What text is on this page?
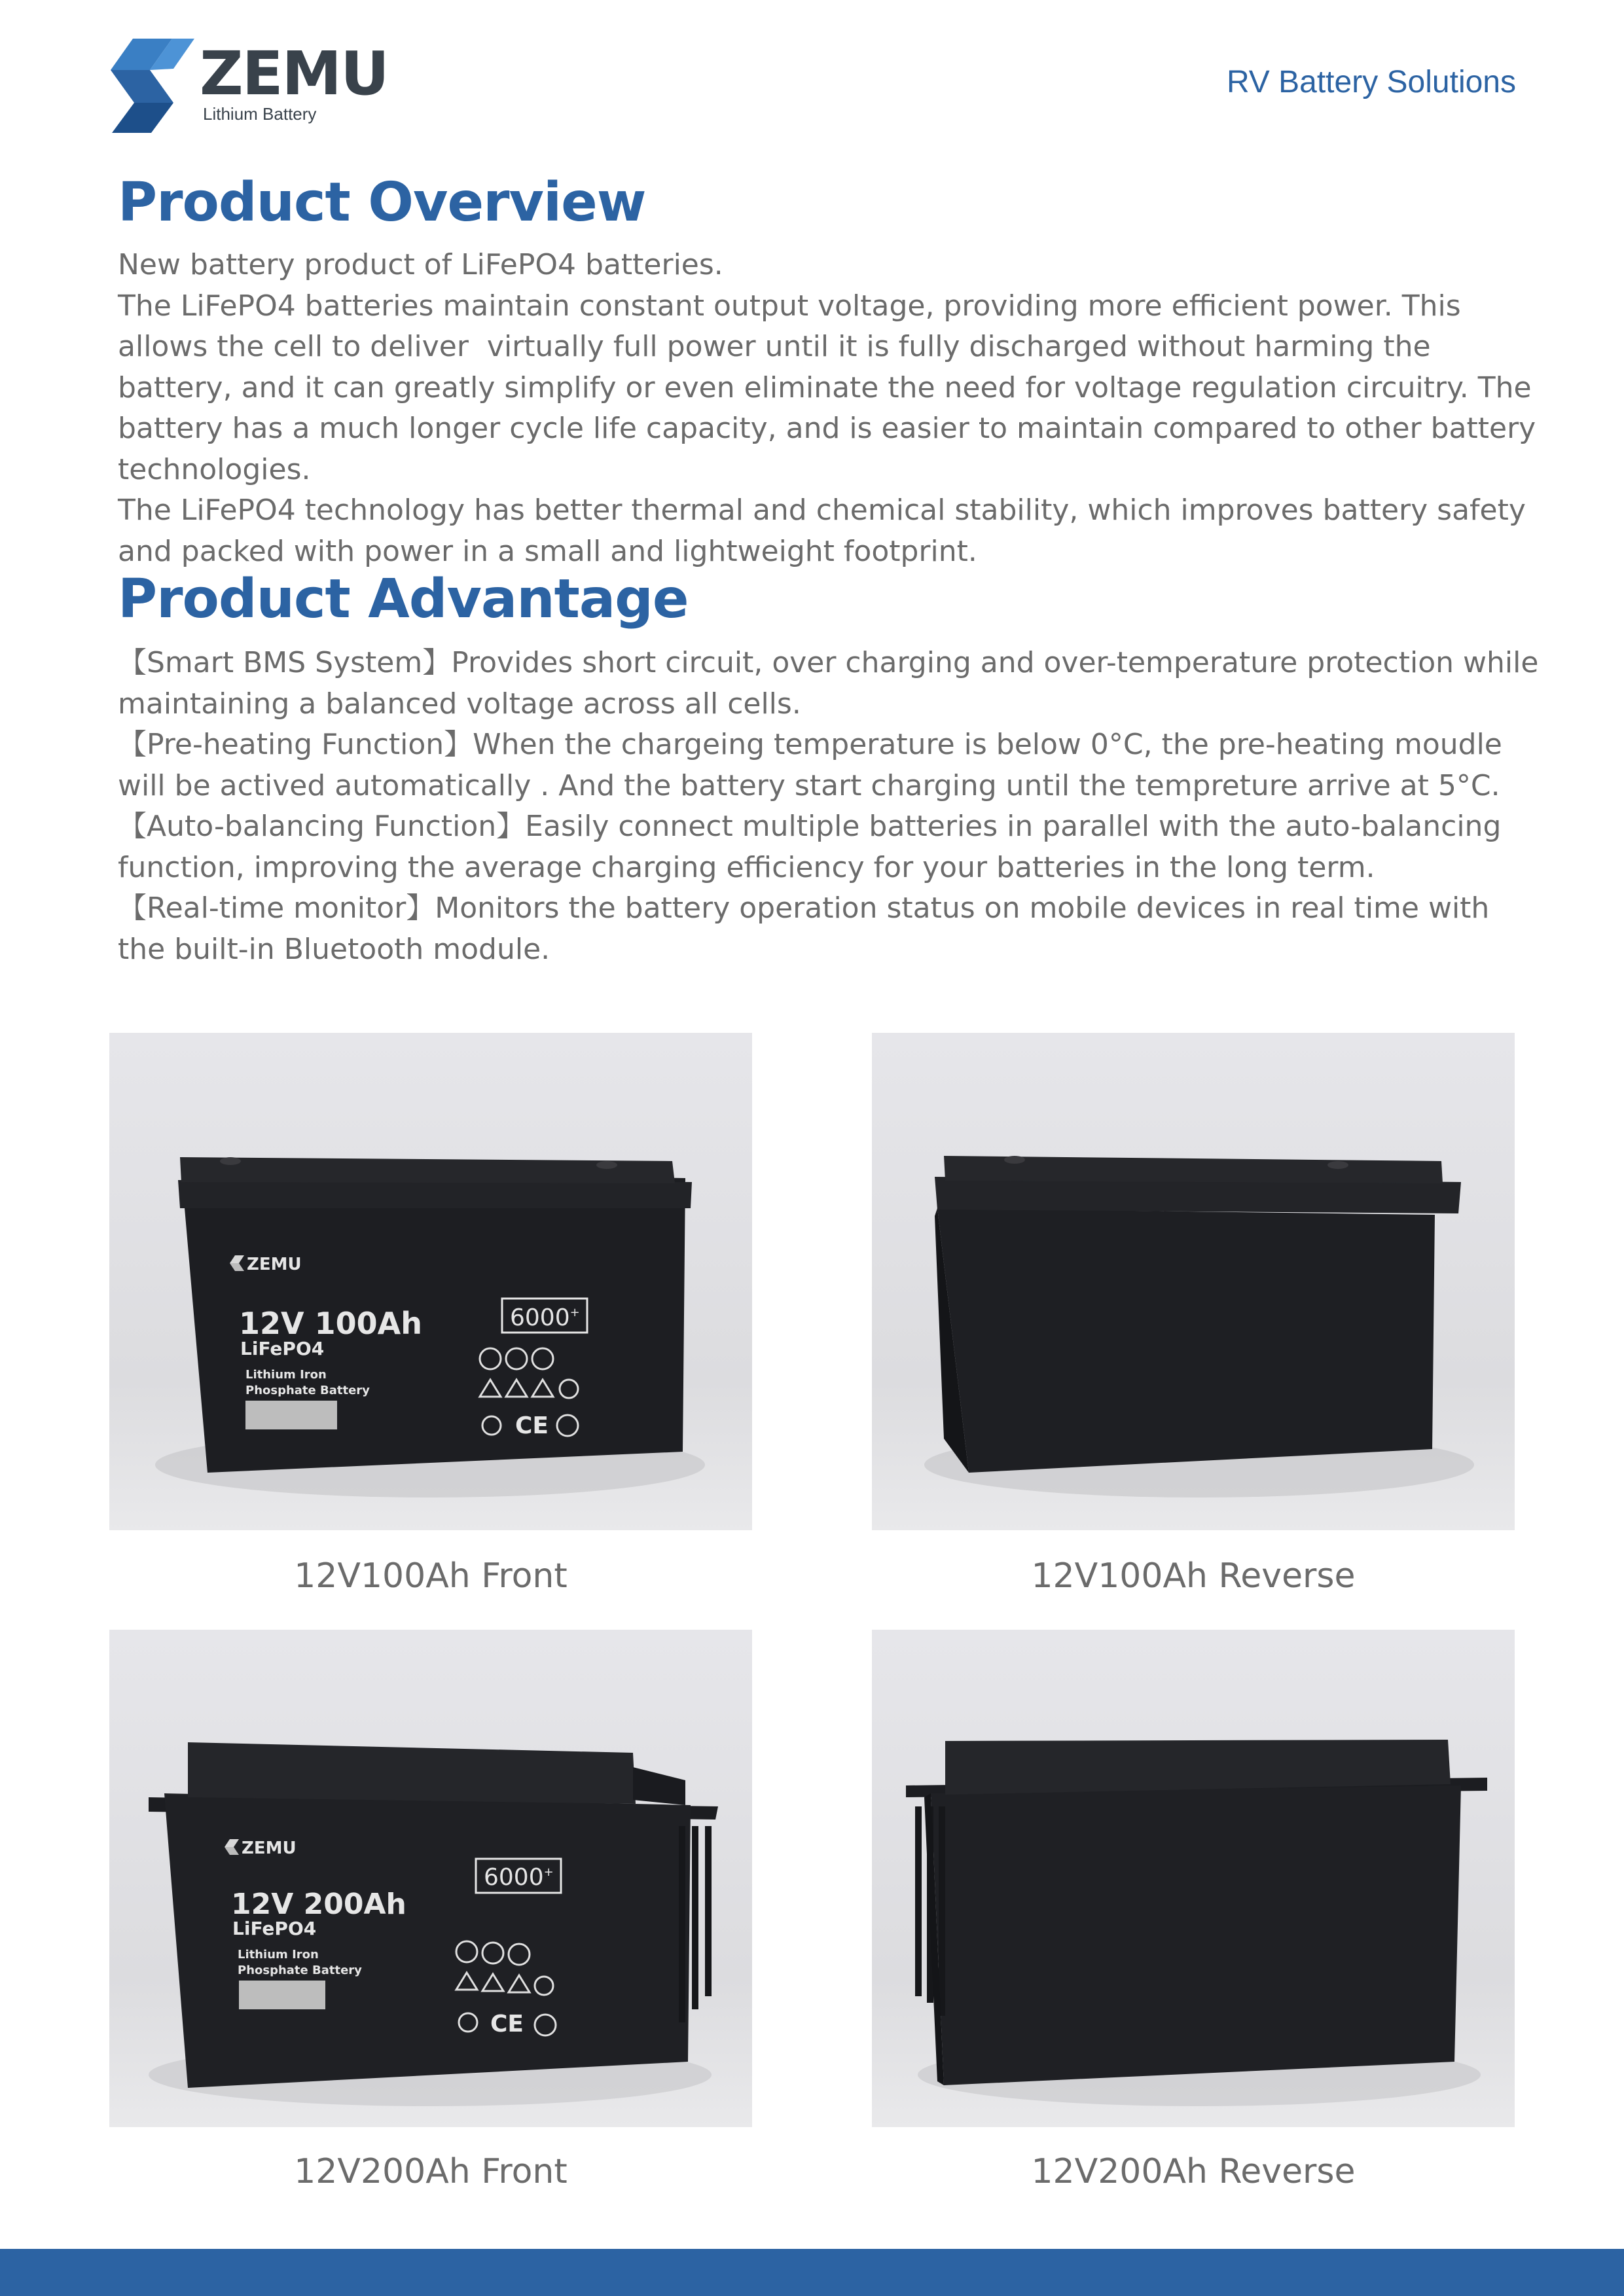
ZEMU
Lithium Battery
RV Battery Solutions
Product Overview

New battery product of LiFePO4 batteries.

The LiFePO4 batteries maintain constant output voltage, providing more efficient power. This allows the cell to deliver  virtually full power until it is fully discharged without harming the battery, and it can greatly simplify or even eliminate the need for voltage regulation circuitry. The battery has a much longer cycle life capacity, and is easier to maintain compared to other battery technologies.

The LiFePO4 technology has better thermal and chemical stability, which improves battery safety and packed with power in a small and lightweight footprint.

Product Advantage

【Smart BMS System】Provides short circuit, over charging and over-temperature protection while maintaining a balanced voltage across all cells.

【Pre-heating Function】When the chargeing temperature is below 0°C, the pre-heating moudle will be actived automatically . And the battery start charging until the tempreture arrive at 5°C.

【Auto-balancing Function】Easily connect multiple batteries in parallel with the auto-balancing  function, improving the average charging efficiency for your batteries in the long term.

【Real-time monitor】Monitors the battery operation status on mobile devices in real time with the built-in Bluetooth module.

ZEMU
12V 100Ah
LiFePO4
Lithium Iron
Phosphate Battery
6000+
CE
12V100Ah Front	12V100Ah Reverse
ZEMU
12V 200Ah
LiFePO4
Lithium Iron
Phosphate Battery
6000+
CE
12V200Ah Front	12V200Ah Reverse
